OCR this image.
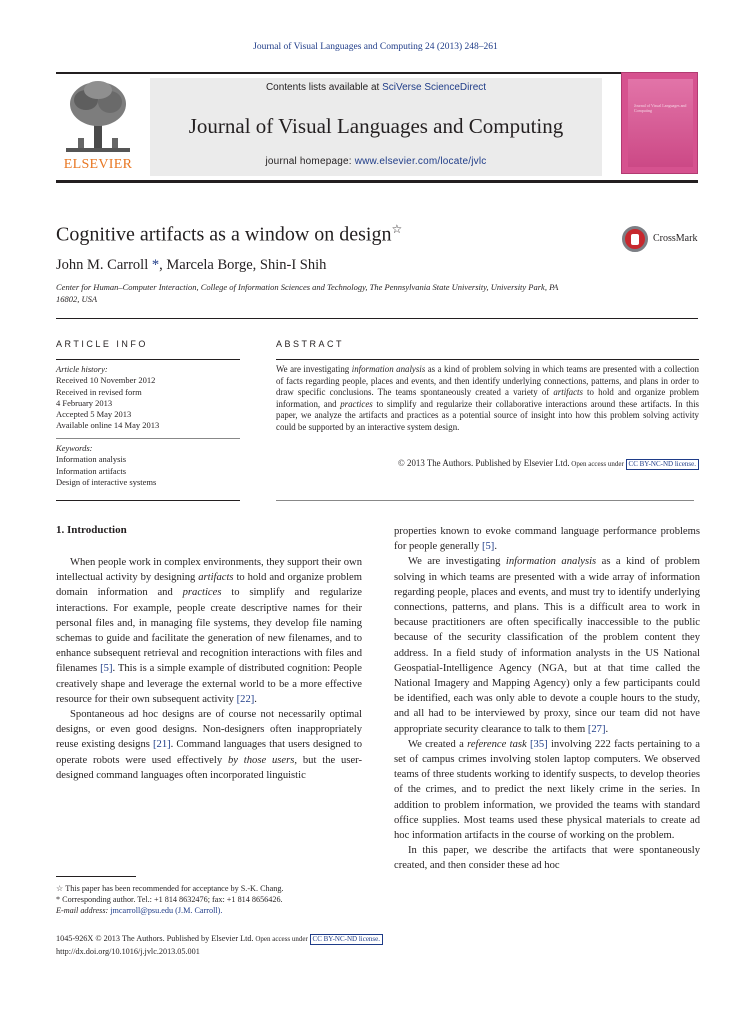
Journal of Visual Languages and Computing 24 (2013) 248–261
ELSEVIER
Contents lists available at SciVerse ScienceDirect
Journal of Visual Languages and Computing
journal homepage: www.elsevier.com/locate/jvlc
Journal of Visual Languages and Computing
Cognitive artifacts as a window on design☆
CrossMark
John M. Carroll *, Marcela Borge, Shin-I Shih
Center for Human–Computer Interaction, College of Information Sciences and Technology, The Pennsylvania State University, University Park, PA 16802, USA
ARTICLE INFO
Article history:
Received 10 November 2012
Received in revised form
4 February 2013
Accepted 5 May 2013
Available online 14 May 2013
Keywords:
Information analysis
Information artifacts
Design of interactive systems
ABSTRACT
We are investigating information analysis as a kind of problem solving in which teams are presented with a collection of facts regarding people, places and events, and then identify underlying connections, patterns, and plans in order to draw specific conclusions. The teams spontaneously created a variety of artifacts to hold and organize problem information, and practices to simplify and regularize their collaborative interactions around these artifacts. In this paper, we analyze the artifacts and practices as a potential source of insight into how this problem solving activity could be supported by an interactive system design.
© 2013 The Authors. Published by Elsevier Ltd. Open access under CC BY-NC-ND license.
1. Introduction

When people work in complex environments, they support their own intellectual activity by designing artifacts to hold and organize problem domain information and practices to simplify and regularize interactions. For example, people create descriptive names for their personal files and, in managing file systems, they develop file naming schemas to guide and facilitate the generation of new filenames, and to enhance subsequent retrieval and recognition interactions with files and filenames [5]. This is a simple example of distributed cognition: People creatively shape and leverage the external world to be a more effective resource for their own subsequent activity [22].

Spontaneous ad hoc designs are of course not necessarily optimal designs, or even good designs. Non-designers often inappropriately reuse existing designs [21]. Command languages that users designed to operate robots were used effectively by those users, but the user-designed command languages often incorporated linguistic

properties known to evoke command language performance problems for people generally [5].

We are investigating information analysis as a kind of problem solving in which teams are presented with a wide array of information regarding people, places and events, and must try to identify underlying connections, patterns, and plans. This is a difficult area to work in because practitioners are often specifically inaccessible to the public because of the security classification of the problem content they address. In a field study of information analysts in the US National Geospatial-Intelligence Agency (NGA, but at that time called the National Imagery and Mapping Agency) only a few participants could be identified, each was only able to devote a couple hours to the study, and all had to be interviewed by proxy, since our team did not have appropriate security clearance to talk to them [27].

We created a reference task [35] involving 222 facts pertaining to a set of campus crimes involving stolen laptop computers. We observed teams of three students working to identify suspects, to develop theories of the crimes, and to predict the next likely crime in the series. In addition to problem information, we provided the teams with standard office supplies. Most teams used these physical materials to create ad hoc information artifacts in the course of working on the problem.

In this paper, we describe the artifacts that were spontaneously created, and then consider these ad hoc

☆ This paper has been recommended for acceptance by S.-K. Chang.
* Corresponding author. Tel.: +1 814 8632476; fax: +1 814 8656426.
E-mail address: jmcarroll@psu.edu (J.M. Carroll).
1045-926X © 2013 The Authors. Published by Elsevier Ltd. Open access under CC BY-NC-ND license.
http://dx.doi.org/10.1016/j.jvlc.2013.05.001
